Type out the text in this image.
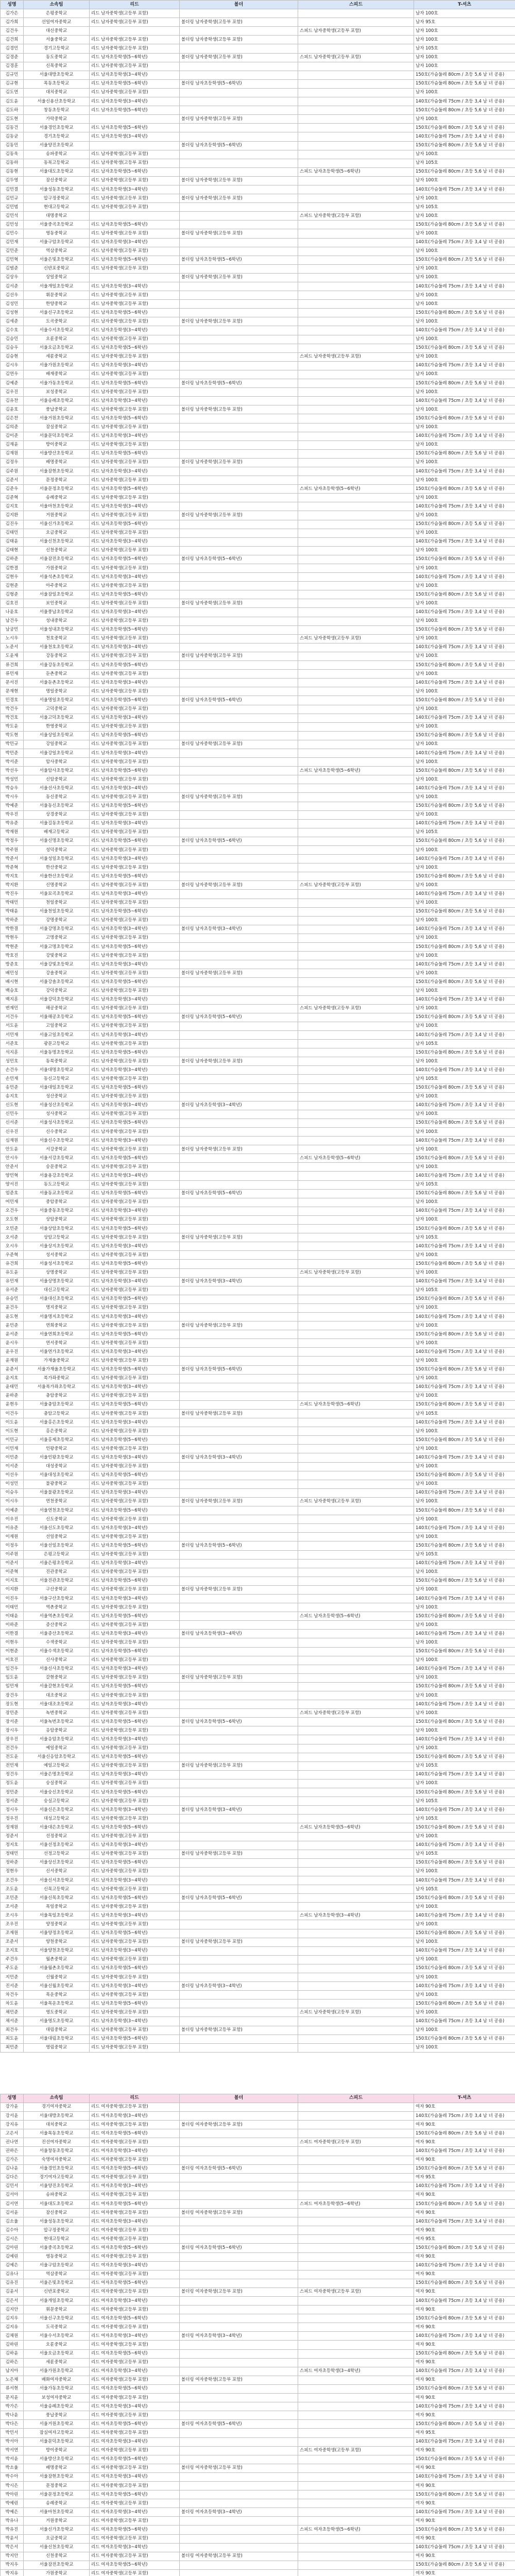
성명	소속팀	리드	볼더	스피드	T-셔츠
김가은	은평중학교	리드 남자중학생(고등부 포함)			남자 100호
김가희	선일여자중학교	리드 남자중학생(고등부 포함)	볼더링 남자중학생(고등부 포함)		남자 95호
김건우	대신중학교			스피드 남자중학생(고등부 포함)	남자 100호
김건희	서울중학교	리드 남자중학생(고등부 포함)	볼더링 남자중학생(고등부 포함)		남자 100호
김경민	경기고등학교	리드 남자중학생(고등부 포함)			남자 105호
김경준	동도중학교	리드 남자초등학생(5~6학년)	볼더링 남자중학생(고등부 포함)	스피드 남자중학생(고등부 포함)	남자 100호
김경훈	신목중학교	리드 남자중학생(고등부 포함)			남자 100호
김규민	서울대방초등학교	리드 남자초등학생(3~4학년)			150호(가슴둘레 80cm / 초등 5,6 남 녀 공용)
김규현	목동초등학교	리드 남자초등학생(5~6학년)	볼더링 남자초등학생(5~6학년)		150호(가슴둘레 80cm / 초등 5,6 남 녀 공용)
김도연	대치중학교	리드 남자중학생(고등부 포함)			남자 100호
김도윤	서울신용산초등학교	리드 남자초등학생(3~4학년)			140호(가슴둘레 75cm / 초등 3,4 남 녀 공용)
김도하	창동초등학교	리드 남자초등학생(5~6학년)			150호(가슴둘레 80cm / 초등 5,6 남 녀 공용)
김도현	가락중학교		볼더링 남자중학생(고등부 포함)		남자 100호
김동건	서울경인초등학교	리드 남자초등학생(5~6학년)			150호(가슴둘레 80cm / 초등 5,6 남 녀 공용)
김동균	경기초등학교	리드 남자초등학생(3~4학년)			140호(가슴둘레 75cm / 초등 3,4 남 녀 공용)
김동민	서울양진초등학교		볼더링 남자초등학생(5~6학년)		150호(가슴둘레 80cm / 초등 5,6 남 녀 공용)
김동욱	송파중학교	리드 남자중학생(고등부 포함)			남자 100호
김동하	동북고등학교	리드 남자중학생(고등부 포함)			남자 105호
김동현	서울대도초등학교	리드 남자초등학생(5~6학년)		스피드 남자초등학생(5~6학년)	150호(가슴둘레 80cm / 초등 5,6 남 녀 공용)
김두영	잠신중학교	리드 남자중학생(고등부 포함)	볼더링 남자중학생(고등부 포함)		남자 100호
김민결	서울성동초등학교	리드 남자초등학생(3~4학년)			140호(가슴둘레 75cm / 초등 3,4 남 녀 공용)
김민규	압구정중학교	리드 남자중학생(고등부 포함)	볼더링 남자중학생(고등부 포함)		남자 100호
김민범	현대고등학교	리드 남자중학생(고등부 포함)			남자 105호
김민석	대명중학교			스피드 남자중학생(고등부 포함)	남자 100호
김민성	서울중곡초등학교	리드 남자초등학생(5~6학년)			150호(가슴둘레 80cm / 초등 5,6 남 녀 공용)
김민수	영동중학교	리드 남자중학생(고등부 포함)	볼더링 남자중학생(고등부 포함)		남자 100호
김민재	서울구암초등학교	리드 남자초등학생(3~4학년)			140호(가슴둘레 75cm / 초등 3,4 남 녀 공용)
김민준	역삼중학교	리드 남자중학생(고등부 포함)			남자 100호
김민혁	서울은빛초등학교	리드 남자초등학생(5~6학년)	볼더링 남자초등학생(5~6학년)		150호(가슴둘레 80cm / 초등 5,6 남 녀 공용)
김범준	신반포중학교	리드 남자중학생(고등부 포함)			남자 100호
김상우	상일중학교		볼더링 남자중학생(고등부 포함)		남자 100호
김서준	서울개일초등학교	리드 남자초등학생(3~4학년)			140호(가슴둘레 75cm / 초등 3,4 남 녀 공용)
김선우	휘문중학교	리드 남자중학생(고등부 포함)			남자 100호
김성민	한양중학교	리드 남자중학생(고등부 포함)			남자 100호
김성현	서울신구초등학교	리드 남자초등학생(5~6학년)			150호(가슴둘레 80cm / 초등 5,6 남 녀 공용)
김세준	도곡중학교	리드 남자중학생(고등부 포함)	볼더링 남자중학생(고등부 포함)		남자 100호
김수호	서울수서초등학교	리드 남자초등학생(3~4학년)			140호(가슴둘레 75cm / 초등 3,4 남 녀 공용)
김승민	오륜중학교	리드 남자중학생(고등부 포함)			남자 100호
김승우	서울오금초등학교	리드 남자초등학생(5~6학년)			150호(가슴둘레 80cm / 초등 5,6 남 녀 공용)
김승현	세륜중학교	리드 남자중학생(고등부 포함)		스피드 남자중학생(고등부 포함)	남자 100호
김시우	서울가원초등학교	리드 남자초등학생(3~4학년)			140호(가슴둘레 75cm / 초등 3,4 남 녀 공용)
김연우	배재중학교	리드 남자중학생(고등부 포함)			남자 100호
김예준	서울가동초등학교	리드 남자초등학생(5~6학년)	볼더링 남자초등학생(5~6학년)		150호(가슴둘레 80cm / 초등 5,6 남 녀 공용)
김우진	보성중학교	리드 남자중학생(고등부 포함)			남자 100호
김유찬	서울송례초등학교	리드 남자초등학생(3~4학년)			140호(가슴둘레 75cm / 초등 3,4 남 녀 공용)
김윤호	풍납중학교	리드 남자중학생(고등부 포함)	볼더링 남자중학생(고등부 포함)		남자 100호
김은찬	서울거원초등학교	리드 남자초등학생(5~6학년)			150호(가슴둘레 80cm / 초등 5,6 남 녀 공용)
김의준	잠실중학교	리드 남자중학생(고등부 포함)			남자 100호
김이준	서울문덕초등학교	리드 남자초등학생(3~4학년)			140호(가슴둘레 75cm / 초등 3,4 남 녀 공용)
김재윤	방이중학교	리드 남자중학생(고등부 포함)			남자 100호
김재원	서울방산초등학교	리드 남자초등학생(5~6학년)			150호(가슴둘레 80cm / 초등 5,6 남 녀 공용)
김정우	배명중학교	리드 남자중학생(고등부 포함)	볼더링 남자중학생(고등부 포함)		남자 100호
김주원	서울잠현초등학교	리드 남자초등학생(3~4학년)			140호(가슴둘레 75cm / 초등 3,4 남 녀 공용)
김준서	문정중학교	리드 남자중학생(고등부 포함)			남자 100호
김준우	서울문정초등학교	리드 남자초등학생(5~6학년)		스피드 남자초등학생(5~6학년)	150호(가슴둘레 80cm / 초등 5,6 남 녀 공용)
김준혁	송례중학교	리드 남자중학생(고등부 포함)			남자 100호
김지호	서울마천초등학교	리드 남자초등학생(3~4학년)			140호(가슴둘레 75cm / 초등 3,4 남 녀 공용)
김지환	거원중학교	리드 남자중학생(고등부 포함)	볼더링 남자중학생(고등부 포함)		남자 100호
김진우	서울신가초등학교	리드 남자초등학생(5~6학년)			150호(가슴둘레 80cm / 초등 5,6 남 녀 공용)
김태민	오금중학교	리드 남자중학생(고등부 포함)			남자 100호
김태윤	서울신천초등학교	리드 남자초등학생(3~4학년)			140호(가슴둘레 75cm / 초등 3,4 남 녀 공용)
김태현	신천중학교	리드 남자중학생(고등부 포함)			남자 100호
김하준	서울잠전초등학교	리드 남자초등학생(5~6학년)	볼더링 남자초등학생(5~6학년)		150호(가슴둘레 80cm / 초등 5,6 남 녀 공용)
김한결	가원중학교	리드 남자중학생(고등부 포함)			남자 100호
김현우	서울석촌초등학교	리드 남자초등학생(3~4학년)			140호(가슴둘레 75cm / 초등 3,4 남 녀 공용)
김현준	아주중학교	리드 남자중학생(고등부 포함)			남자 100호
김형준	서울잠일초등학교	리드 남자초등학생(5~6학년)			150호(가슴둘레 80cm / 초등 5,6 남 녀 공용)
김호진	보인중학교	리드 남자중학생(고등부 포함)	볼더링 남자중학생(고등부 포함)		남자 100호
나윤호	서울풍납초등학교	리드 남자초등학생(3~4학년)			140호(가슴둘레 75cm / 초등 3,4 남 녀 공용)
남건우	성내중학교	리드 남자중학생(고등부 포함)			남자 100호
남궁민	서울성내초등학교	리드 남자초등학생(5~6학년)			150호(가슴둘레 80cm / 초등 5,6 남 녀 공용)
노시우	천호중학교	리드 남자중학생(고등부 포함)		스피드 남자중학생(고등부 포함)	남자 100호
노준서	서울천호초등학교	리드 남자초등학생(3~4학년)			140호(가슴둘레 75cm / 초등 3,4 남 녀 공용)
도윤재	강동중학교	리드 남자중학생(고등부 포함)	볼더링 남자중학생(고등부 포함)		남자 100호
류건희	서울강동초등학교	리드 남자초등학생(5~6학년)			150호(가슴둘레 80cm / 초등 5,6 남 녀 공용)
류민재	둔촌중학교	리드 남자중학생(고등부 포함)			남자 100호
문서진	서울둔촌초등학교	리드 남자초등학생(3~4학년)			140호(가슴둘레 75cm / 초등 3,4 남 녀 공용)
문재현	명일중학교	리드 남자중학생(고등부 포함)			남자 100호
민경호	서울명일초등학교	리드 남자초등학생(5~6학년)	볼더링 남자초등학생(5~6학년)		150호(가슴둘레 80cm / 초등 5,6 남 녀 공용)
박건우	고덕중학교	리드 남자중학생(고등부 포함)			남자 100호
박건호	서울고덕초등학교	리드 남자초등학생(3~4학년)			140호(가슴둘레 75cm / 초등 3,4 남 녀 공용)
박도윤	한영중학교	리드 남자중학생(고등부 포함)			남자 100호
박도현	서울상일초등학교	리드 남자초등학생(5~6학년)			150호(가슴둘레 80cm / 초등 5,6 남 녀 공용)
박민규	강일중학교	리드 남자중학생(고등부 포함)	볼더링 남자중학생(고등부 포함)		남자 100호
박민준	서울강일초등학교	리드 남자초등학생(3~4학년)			140호(가슴둘레 75cm / 초등 3,4 남 녀 공용)
박서준	암사중학교	리드 남자중학생(고등부 포함)			남자 100호
박선우	서울암사초등학교	리드 남자초등학생(5~6학년)		스피드 남자초등학생(5~6학년)	150호(가슴둘레 80cm / 초등 5,6 남 녀 공용)
박성민	신암중학교	리드 남자중학생(고등부 포함)			남자 100호
박승우	서울선사초등학교	리드 남자초등학생(3~4학년)			140호(가슴둘레 75cm / 초등 3,4 남 녀 공용)
박시우	동신중학교	리드 남자중학생(고등부 포함)	볼더링 남자중학생(고등부 포함)		남자 100호
박예준	서울동신초등학교	리드 남자초등학생(5~6학년)			150호(가슴둘레 80cm / 초등 5,6 남 녀 공용)
박우진	상경중학교	리드 남자중학생(고등부 포함)			남자 100호
박유준	서울길동초등학교	리드 남자초등학생(3~4학년)			140호(가슴둘레 75cm / 초등 3,4 남 녀 공용)
박재원	배재고등학교	리드 남자중학생(고등부 포함)			남자 105호
박정우	서울신명초등학교	리드 남자초등학생(5~6학년)	볼더링 남자초등학생(5~6학년)		150호(가슴둘레 80cm / 초등 5,6 남 녀 공용)
박주원	성덕중학교	리드 남자중학생(고등부 포함)			남자 100호
박준서	서울성일초등학교	리드 남자초등학생(3~4학년)			140호(가슴둘레 75cm / 초등 3,4 남 녀 공용)
박준혁	한산중학교	리드 남자중학생(고등부 포함)			남자 100호
박지호	서울한산초등학교	리드 남자초등학생(5~6학년)			150호(가슴둘레 80cm / 초등 5,6 남 녀 공용)
박지환	신명중학교	리드 남자중학생(고등부 포함)	볼더링 남자중학생(고등부 포함)	스피드 남자중학생(고등부 포함)	남자 100호
박진우	서울묘곡초등학교	리드 남자초등학생(3~4학년)			140호(가슴둘레 75cm / 초등 3,4 남 녀 공용)
박태민	천일중학교	리드 남자중학생(고등부 포함)			남자 100호
박태윤	서울천일초등학교	리드 남자초등학생(5~6학년)			150호(가슴둘레 80cm / 초등 5,6 남 녀 공용)
박하준	강명중학교	리드 남자중학생(고등부 포함)			남자 100호
박한결	서울강명초등학교	리드 남자초등학생(3~4학년)	볼더링 남자초등학생(3~4학년)		140호(가슴둘레 75cm / 초등 3,4 남 녀 공용)
박현우	고명중학교	리드 남자중학생(고등부 포함)			남자 100호
박현준	서울고명초등학교	리드 남자초등학생(5~6학년)			150호(가슴둘레 80cm / 초등 5,6 남 녀 공용)
박호진	강빛중학교	리드 남자중학생(고등부 포함)			남자 100호
방준호	서울강빛초등학교	리드 남자초등학생(3~4학년)			140호(가슴둘레 75cm / 초등 3,4 남 녀 공용)
배민성	강솔중학교	리드 남자중학생(고등부 포함)	볼더링 남자중학생(고등부 포함)		남자 100호
배시현	서울강솔초등학교	리드 남자초등학생(5~6학년)			150호(가슴둘레 80cm / 초등 5,6 남 녀 공용)
백승호	강덕중학교	리드 남자중학생(고등부 포함)			남자 100호
백지훈	서울강덕초등학교	리드 남자초등학생(3~4학년)			140호(가슴둘레 75cm / 초등 3,4 남 녀 공용)
변재민	해공중학교	리드 남자중학생(고등부 포함)		스피드 남자중학생(고등부 포함)	남자 100호
서건우	서울해공초등학교	리드 남자초등학생(5~6학년)	볼더링 남자초등학생(5~6학년)		150호(가슴둘레 80cm / 초등 5,6 남 녀 공용)
서도윤	고일중학교	리드 남자중학생(고등부 포함)			남자 100호
서민재	서울고일초등학교	리드 남자초등학생(3~4학년)			140호(가슴둘레 75cm / 초등 3,4 남 녀 공용)
서준호	광문고등학교	리드 남자중학생(고등부 포함)			남자 105호
석지훈	서울동명초등학교	리드 남자초등학생(5~6학년)			150호(가슴둘레 80cm / 초등 5,6 남 녀 공용)
성민호	동북중학교	리드 남자중학생(고등부 포함)	볼더링 남자중학생(고등부 포함)		남자 100호
손건우	서울대명초등학교	리드 남자초등학생(3~4학년)			140호(가슴둘레 75cm / 초등 3,4 남 녀 공용)
손민재	동신고등학교	리드 남자중학생(고등부 포함)			남자 105호
송민준	서울대일초등학교	리드 남자초등학생(5~6학년)			150호(가슴둘레 80cm / 초등 5,6 남 녀 공용)
송지호	성산중학교	리드 남자중학생(고등부 포함)			남자 100호
신도현	서울성산초등학교	리드 남자초등학생(3~4학년)	볼더링 남자초등학생(3~4학년)		140호(가슴둘레 75cm / 초등 3,4 남 녀 공용)
신민우	성사중학교	리드 남자중학생(고등부 포함)			남자 100호
신서준	서울성사초등학교	리드 남자초등학생(5~6학년)			150호(가슴둘레 80cm / 초등 5,6 남 녀 공용)
신우진	신수중학교	리드 남자중학생(고등부 포함)			남자 100호
심재원	서울신수초등학교	리드 남자초등학생(3~4학년)			140호(가슴둘레 75cm / 초등 3,4 남 녀 공용)
안도윤	서강중학교	리드 남자중학생(고등부 포함)	볼더링 남자중학생(고등부 포함)		남자 100호
안시우	서울서강초등학교	리드 남자초등학생(5~6학년)		스피드 남자초등학생(5~6학년)	150호(가슴둘레 80cm / 초등 5,6 남 녀 공용)
안준서	숭문중학교	리드 남자중학생(고등부 포함)			남자 100호
양민혁	서울용강초등학교	리드 남자초등학생(3~4학년)			140호(가슴둘레 75cm / 초등 3,4 남 녀 공용)
양서진	동도고등학교	리드 남자중학생(고등부 포함)			남자 105호
엄준호	서울동교초등학교	리드 남자초등학생(5~6학년)	볼더링 남자초등학생(5~6학년)		150호(가슴둘레 80cm / 초등 5,6 남 녀 공용)
여민재	중암중학교	리드 남자중학생(고등부 포함)			남자 100호
오건우	서울중동초등학교	리드 남자초등학생(3~4학년)			140호(가슴둘레 75cm / 초등 3,4 남 녀 공용)
오도현	상암중학교	리드 남자중학생(고등부 포함)			남자 100호
오민준	서울상암초등학교	리드 남자초등학생(5~6학년)			150호(가슴둘레 80cm / 초등 5,6 남 녀 공용)
오서준	상암고등학교	리드 남자중학생(고등부 포함)	볼더링 남자중학생(고등부 포함)		남자 105호
오시우	서울상지초등학교	리드 남자초등학생(3~4학년)			140호(가슴둘레 75cm / 초등 3,4 남 녀 공용)
우준혁	성서중학교	리드 남자중학생(고등부 포함)			남자 100호
유건희	서울성서초등학교	리드 남자초등학생(5~6학년)			150호(가슴둘레 80cm / 초등 5,6 남 녀 공용)
유도윤	상명중학교	리드 남자중학생(고등부 포함)		스피드 남자중학생(고등부 포함)	남자 100호
유민재	서울상명초등학교	리드 남자초등학생(3~4학년)	볼더링 남자초등학생(3~4학년)		140호(가슴둘레 75cm / 초등 3,4 남 녀 공용)
유서준	대신고등학교	리드 남자중학생(고등부 포함)			남자 105호
유승민	서울대신초등학교	리드 남자초등학생(5~6학년)			150호(가슴둘레 80cm / 초등 5,6 남 녀 공용)
윤건우	명지중학교	리드 남자중학생(고등부 포함)			남자 100호
윤도현	서울명지초등학교	리드 남자초등학생(3~4학년)			140호(가슴둘레 75cm / 초등 3,4 남 녀 공용)
윤민준	연희중학교	리드 남자중학생(고등부 포함)	볼더링 남자중학생(고등부 포함)		남자 100호
윤서준	서울연희초등학교	리드 남자초등학생(5~6학년)			150호(가슴둘레 80cm / 초등 5,6 남 녀 공용)
윤시우	연서중학교	리드 남자중학생(고등부 포함)			남자 100호
윤우진	서울연가초등학교	리드 남자초등학생(3~4학년)			140호(가슴둘레 75cm / 초등 3,4 남 녀 공용)
윤재원	가재울중학교	리드 남자중학생(고등부 포함)			남자 100호
윤준서	서울가재울초등학교	리드 남자초등학생(5~6학년)	볼더링 남자초등학생(5~6학년)		150호(가슴둘레 80cm / 초등 5,6 남 녀 공용)
윤지호	북가좌중학교	리드 남자중학생(고등부 포함)			남자 100호
윤태민	서울북가좌초등학교	리드 남자초등학생(3~4학년)			140호(가슴둘레 75cm / 초등 3,4 남 녀 공용)
윤하준	충암중학교	리드 남자중학생(고등부 포함)			남자 100호
윤현우	서울충암초등학교	리드 남자초등학생(5~6학년)		스피드 남자초등학생(5~6학년)	150호(가슴둘레 80cm / 초등 5,6 남 녀 공용)
이건우	충암고등학교	리드 남자중학생(고등부 포함)	볼더링 남자중학생(고등부 포함)		남자 105호
이도윤	서울홍은초등학교	리드 남자초등학생(3~4학년)			140호(가슴둘레 75cm / 초등 3,4 남 녀 공용)
이도현	홍은중학교	리드 남자중학생(고등부 포함)			남자 100호
이민규	서울홍제초등학교	리드 남자초등학생(5~6학년)			150호(가슴둘레 80cm / 초등 5,6 남 녀 공용)
이민재	인왕중학교	리드 남자중학생(고등부 포함)			남자 100호
이민준	서울인왕초등학교	리드 남자초등학생(3~4학년)	볼더링 남자초등학생(3~4학년)		140호(가슴둘레 75cm / 초등 3,4 남 녀 공용)
이서준	대성중학교	리드 남자중학생(고등부 포함)			남자 100호
이선우	서울대성초등학교	리드 남자초등학생(5~6학년)			150호(가슴둘레 80cm / 초등 5,6 남 녀 공용)
이성민	불광중학교	리드 남자중학생(고등부 포함)			남자 100호
이승우	서울불광초등학교	리드 남자초등학생(3~4학년)			140호(가슴둘레 75cm / 초등 3,4 남 녀 공용)
이시우	연천중학교	리드 남자중학생(고등부 포함)	볼더링 남자중학생(고등부 포함)	스피드 남자중학생(고등부 포함)	남자 100호
이예준	서울연천초등학교	리드 남자초등학생(5~6학년)			150호(가슴둘레 80cm / 초등 5,6 남 녀 공용)
이우진	신도중학교	리드 남자중학생(고등부 포함)			남자 100호
이유준	서울신도초등학교	리드 남자초등학생(3~4학년)			140호(가슴둘레 75cm / 초등 3,4 남 녀 공용)
이재원	선일중학교	리드 남자중학생(고등부 포함)			남자 100호
이정우	서울선일초등학교	리드 남자초등학생(5~6학년)	볼더링 남자초등학생(5~6학년)		150호(가슴둘레 80cm / 초등 5,6 남 녀 공용)
이주원	은평고등학교	리드 남자중학생(고등부 포함)			남자 105호
이준서	서울은평초등학교	리드 남자초등학생(3~4학년)			140호(가슴둘레 75cm / 초등 3,4 남 녀 공용)
이준혁	진관중학교	리드 남자중학생(고등부 포함)			남자 100호
이지호	서울진관초등학교	리드 남자초등학생(5~6학년)			150호(가슴둘레 80cm / 초등 5,6 남 녀 공용)
이지환	구산중학교	리드 남자중학생(고등부 포함)	볼더링 남자중학생(고등부 포함)		남자 100호
이진우	서울구산초등학교	리드 남자초등학생(3~4학년)			140호(가슴둘레 75cm / 초등 3,4 남 녀 공용)
이태민	역촌중학교	리드 남자중학생(고등부 포함)			남자 100호
이태윤	서울역촌초등학교	리드 남자초등학생(5~6학년)		스피드 남자초등학생(5~6학년)	150호(가슴둘레 80cm / 초등 5,6 남 녀 공용)
이하준	증산중학교	리드 남자중학생(고등부 포함)			남자 100호
이한결	서울증산초등학교	리드 남자초등학생(3~4학년)	볼더링 남자초등학생(3~4학년)		140호(가슴둘레 75cm / 초등 3,4 남 녀 공용)
이현우	수색중학교	리드 남자중학생(고등부 포함)			남자 100호
이현준	서울수색초등학교	리드 남자초등학생(5~6학년)			150호(가슴둘레 80cm / 초등 5,6 남 녀 공용)
이호진	신사중학교	리드 남자중학생(고등부 포함)			남자 100호
임건우	서울신사초등학교	리드 남자초등학생(3~4학년)			140호(가슴둘레 75cm / 초등 3,4 남 녀 공용)
임도윤	갈현중학교	리드 남자중학생(고등부 포함)	볼더링 남자중학생(고등부 포함)		남자 100호
임민재	서울갈현초등학교	리드 남자초등학생(5~6학년)			150호(가슴둘레 80cm / 초등 5,6 남 녀 공용)
장건우	대조중학교	리드 남자중학생(고등부 포함)			남자 100호
장도현	서울대조초등학교	리드 남자초등학생(3~4학년)			140호(가슴둘레 75cm / 초등 3,4 남 녀 공용)
장민준	녹번중학교	리드 남자중학생(고등부 포함)		스피드 남자중학생(고등부 포함)	남자 100호
장서준	서울녹번초등학교	리드 남자초등학생(5~6학년)	볼더링 남자초등학생(5~6학년)		150호(가슴둘레 80cm / 초등 5,6 남 녀 공용)
장시우	응암중학교	리드 남자중학생(고등부 포함)			남자 100호
장우진	서울응암초등학교	리드 남자초등학생(3~4학년)			140호(가슴둘레 75cm / 초등 3,4 남 녀 공용)
전건우	예일중학교	리드 남자중학생(고등부 포함)			남자 100호
전도윤	서울신응암초등학교	리드 남자초등학생(5~6학년)			150호(가슴둘레 80cm / 초등 5,6 남 녀 공용)
전민재	예일고등학교	리드 남자중학생(고등부 포함)	볼더링 남자중학생(고등부 포함)		남자 105호
정건우	서울은명초등학교	리드 남자초등학생(3~4학년)			140호(가슴둘레 75cm / 초등 3,4 남 녀 공용)
정도윤	숭실중학교	리드 남자중학생(고등부 포함)			남자 100호
정민준	서울숭신초등학교	리드 남자초등학생(5~6학년)			150호(가슴둘레 80cm / 초등 5,6 남 녀 공용)
정서준	숭실고등학교	리드 남자중학생(고등부 포함)			남자 105호
정시우	서울신은초등학교	리드 남자초등학생(3~4학년)	볼더링 남자초등학생(3~4학년)		140호(가슴둘레 75cm / 초등 3,4 남 녀 공용)
정우진	대성고등학교	리드 남자중학생(고등부 포함)			남자 105호
정재원	서울대은초등학교	리드 남자초등학생(5~6학년)		스피드 남자초등학생(5~6학년)	150호(가슴둘레 80cm / 초등 5,6 남 녀 공용)
정준서	선정중학교	리드 남자중학생(고등부 포함)			남자 100호
정지호	서울선정초등학교	리드 남자초등학생(3~4학년)			140호(가슴둘레 75cm / 초등 3,4 남 녀 공용)
정태민	선정고등학교	리드 남자중학생(고등부 포함)	볼더링 남자중학생(고등부 포함)		남자 105호
정하준	서울상신초등학교	리드 남자초등학생(5~6학년)			150호(가슴둘레 80cm / 초등 5,6 남 녀 공용)
정현우	신서중학교	리드 남자중학생(고등부 포함)			남자 100호
조건우	서울신서초등학교	리드 남자초등학생(3~4학년)			140호(가슴둘레 75cm / 초등 3,4 남 녀 공용)
조도윤	신목고등학교	리드 남자중학생(고등부 포함)			남자 105호
조민준	서울신목초등학교	리드 남자초등학생(5~6학년)	볼더링 남자초등학생(5~6학년)		150호(가슴둘레 80cm / 초등 5,6 남 녀 공용)
조서준	목일중학교	리드 남자중학생(고등부 포함)			남자 100호
조시우	서울목일초등학교	리드 남자초등학생(3~4학년)		스피드 남자초등학생(3~4학년)	140호(가슴둘레 75cm / 초등 3,4 남 녀 공용)
조우진	양정중학교	리드 남자중학생(고등부 포함)			남자 100호
조재원	서울양정초등학교	리드 남자초등학생(5~6학년)			150호(가슴둘레 80cm / 초등 5,6 남 녀 공용)
조준서	양천중학교	리드 남자중학생(고등부 포함)	볼더링 남자중학생(고등부 포함)		남자 100호
조지호	서울양천초등학교	리드 남자초등학생(3~4학년)			140호(가슴둘레 75cm / 초등 3,4 남 녀 공용)
주건우	월촌중학교	리드 남자중학생(고등부 포함)			남자 100호
주도윤	서울월촌초등학교	리드 남자초등학생(5~6학년)			150호(가슴둘레 80cm / 초등 5,6 남 녀 공용)
지민준	신월중학교	리드 남자중학생(고등부 포함)			남자 100호
진서준	서울신월초등학교	리드 남자초등학생(3~4학년)	볼더링 남자초등학생(3~4학년)		140호(가슴둘레 75cm / 초등 3,4 남 녀 공용)
차건우	목운중학교	리드 남자중학생(고등부 포함)			남자 100호
차도윤	서울목운초등학교	리드 남자초등학생(5~6학년)			150호(가슴둘레 80cm / 초등 5,6 남 녀 공용)
채민준	영도중학교	리드 남자중학생(고등부 포함)		스피드 남자중학생(고등부 포함)	남자 100호
채서준	서울영도초등학교	리드 남자초등학생(3~4학년)			140호(가슴둘레 75cm / 초등 3,4 남 녀 공용)
최건우	대림중학교	리드 남자중학생(고등부 포함)	볼더링 남자중학생(고등부 포함)		남자 100호
최도윤	서울대림초등학교	리드 남자초등학생(5~6학년)			150호(가슴둘레 80cm / 초등 5,6 남 녀 공용)
최민준	영림중학교	리드 남자중학생(고등부 포함)			남자 100호
성명	소속팀	리드	볼더	스피드	T-셔츠
강가윤	경기여자중학교	리드 여자중학생(고등부 포함)			여자 90호
강서윤	서울대방초등학교	리드 여자초등학생(3~4학년)			140호(가슴둘레 75cm / 초등 3,4 남 녀 공용)
강지유	대치중학교	리드 여자중학생(고등부 포함)	볼더링 여자중학생(고등부 포함)		여자 90호
고은서	서울목동초등학교	리드 여자초등학생(5~6학년)			150호(가슴둘레 80cm / 초등 5,6 남 녀 공용)
권나연	진선여자중학교	리드 여자중학생(고등부 포함)		스피드 여자중학생(고등부 포함)	여자 90호
권하은	서울창동초등학교	리드 여자초등학생(3~4학년)			140호(가슴둘레 75cm / 초등 3,4 남 녀 공용)
김가은	숙명여자중학교	리드 여자중학생(고등부 포함)			여자 90호
김나윤	서울경인초등학교	리드 여자초등학생(5~6학년)	볼더링 여자초등학생(5~6학년)		150호(가슴둘레 80cm / 초등 5,6 남 녀 공용)
김다은	경기여자고등학교	리드 여자중학생(고등부 포함)			여자 95호
김민서	서울양진초등학교	리드 여자초등학생(3~4학년)			140호(가슴둘레 75cm / 초등 3,4 남 녀 공용)
김서아	송파중학교	리드 여자중학생(고등부 포함)			여자 90호
김서연	서울대도초등학교	리드 여자초등학생(5~6학년)		스피드 여자초등학생(5~6학년)	150호(가슴둘레 80cm / 초등 5,6 남 녀 공용)
김서윤	잠신중학교	리드 여자중학생(고등부 포함)	볼더링 여자중학생(고등부 포함)		여자 90호
김소율	서울성동초등학교	리드 여자초등학생(3~4학년)			140호(가슴둘레 75cm / 초등 3,4 남 녀 공용)
김수아	압구정중학교	리드 여자중학생(고등부 포함)			여자 90호
김시은	현대고등학교	리드 여자중학생(고등부 포함)			여자 95호
김아린	서울중곡초등학교	리드 여자초등학생(5~6학년)	볼더링 여자초등학생(5~6학년)		150호(가슴둘레 80cm / 초등 5,6 남 녀 공용)
김예린	영동중학교	리드 여자중학생(고등부 포함)			여자 90호
김예은	서울구암초등학교	리드 여자초등학생(3~4학년)			140호(가슴둘레 75cm / 초등 3,4 남 녀 공용)
김유나	역삼중학교	리드 여자중학생(고등부 포함)			여자 90호
김유진	서울은빛초등학교	리드 여자초등학생(5~6학년)			150호(가슴둘레 80cm / 초등 5,6 남 녀 공용)
김윤서	신반포중학교	리드 여자중학생(고등부 포함)	볼더링 여자중학생(고등부 포함)	스피드 여자중학생(고등부 포함)	여자 90호
김은서	서울개일초등학교	리드 여자초등학생(3~4학년)			140호(가슴둘레 75cm / 초등 3,4 남 녀 공용)
김지안	휘문중학교	리드 여자중학생(고등부 포함)			여자 90호
김지우	서울신구초등학교	리드 여자초등학생(5~6학년)			150호(가슴둘레 80cm / 초등 5,6 남 녀 공용)
김지유	도곡중학교	리드 여자중학생(고등부 포함)			여자 90호
김채원	서울수서초등학교	리드 여자초등학생(3~4학년)	볼더링 여자초등학생(3~4학년)		140호(가슴둘레 75cm / 초등 3,4 남 녀 공용)
김하린	오륜중학교	리드 여자중학생(고등부 포함)			여자 90호
김하윤	서울오금초등학교	리드 여자초등학생(5~6학년)			150호(가슴둘레 80cm / 초등 5,6 남 녀 공용)
김하은	세륜중학교	리드 여자중학생(고등부 포함)			여자 90호
남지아	서울가원초등학교	리드 여자초등학생(3~4학년)		스피드 여자초등학생(3~4학년)	140호(가슴둘레 75cm / 초등 3,4 남 녀 공용)
노은채	배화여자중학교	리드 여자중학생(고등부 포함)	볼더링 여자중학생(고등부 포함)		여자 90호
류서현	서울가동초등학교	리드 여자초등학생(5~6학년)			150호(가슴둘레 80cm / 초등 5,6 남 녀 공용)
문지윤	보성여자중학교	리드 여자중학생(고등부 포함)			여자 90호
박가은	서울송례초등학교	리드 여자초등학생(3~4학년)			140호(가슴둘레 75cm / 초등 3,4 남 녀 공용)
박나윤	풍납중학교	리드 여자중학생(고등부 포함)			여자 90호
박다은	서울거원초등학교	리드 여자초등학생(5~6학년)	볼더링 여자초등학생(5~6학년)		150호(가슴둘레 80cm / 초등 5,6 남 녀 공용)
박민서	잠실여자고등학교	리드 여자중학생(고등부 포함)			여자 95호
박서아	서울문덕초등학교	리드 여자초등학생(3~4학년)			140호(가슴둘레 75cm / 초등 3,4 남 녀 공용)
박서연	방이중학교	리드 여자중학생(고등부 포함)		스피드 여자중학생(고등부 포함)	여자 90호
박서윤	서울방산초등학교	리드 여자초등학생(5~6학년)			150호(가슴둘레 80cm / 초등 5,6 남 녀 공용)
박소율	배명중학교	리드 여자중학생(고등부 포함)	볼더링 여자중학생(고등부 포함)		여자 90호
박수아	서울잠현초등학교	리드 여자초등학생(3~4학년)			140호(가슴둘레 75cm / 초등 3,4 남 녀 공용)
박시은	문정중학교	리드 여자중학생(고등부 포함)			여자 90호
박아린	서울문정초등학교	리드 여자초등학생(5~6학년)			150호(가슴둘레 80cm / 초등 5,6 남 녀 공용)
박예린	송례중학교	리드 여자중학생(고등부 포함)			여자 90호
박예은	서울마천초등학교	리드 여자초등학생(3~4학년)	볼더링 여자초등학생(3~4학년)		140호(가슴둘레 75cm / 초등 3,4 남 녀 공용)
박유나	거원중학교	리드 여자중학생(고등부 포함)			여자 90호
박유진	서울신가초등학교	리드 여자초등학생(5~6학년)		스피드 여자초등학생(5~6학년)	150호(가슴둘레 80cm / 초등 5,6 남 녀 공용)
박윤서	오금중학교	리드 여자중학생(고등부 포함)			여자 90호
박은서	서울신천초등학교	리드 여자초등학생(3~4학년)			140호(가슴둘레 75cm / 초등 3,4 남 녀 공용)
박지안	신천중학교	리드 여자중학생(고등부 포함)	볼더링 여자중학생(고등부 포함)		여자 90호
박지우	서울잠전초등학교	리드 여자초등학생(5~6학년)			150호(가슴둘레 80cm / 초등 5,6 남 녀 공용)
박지유	가원중학교	리드 여자중학생(고등부 포함)			여자 90호
